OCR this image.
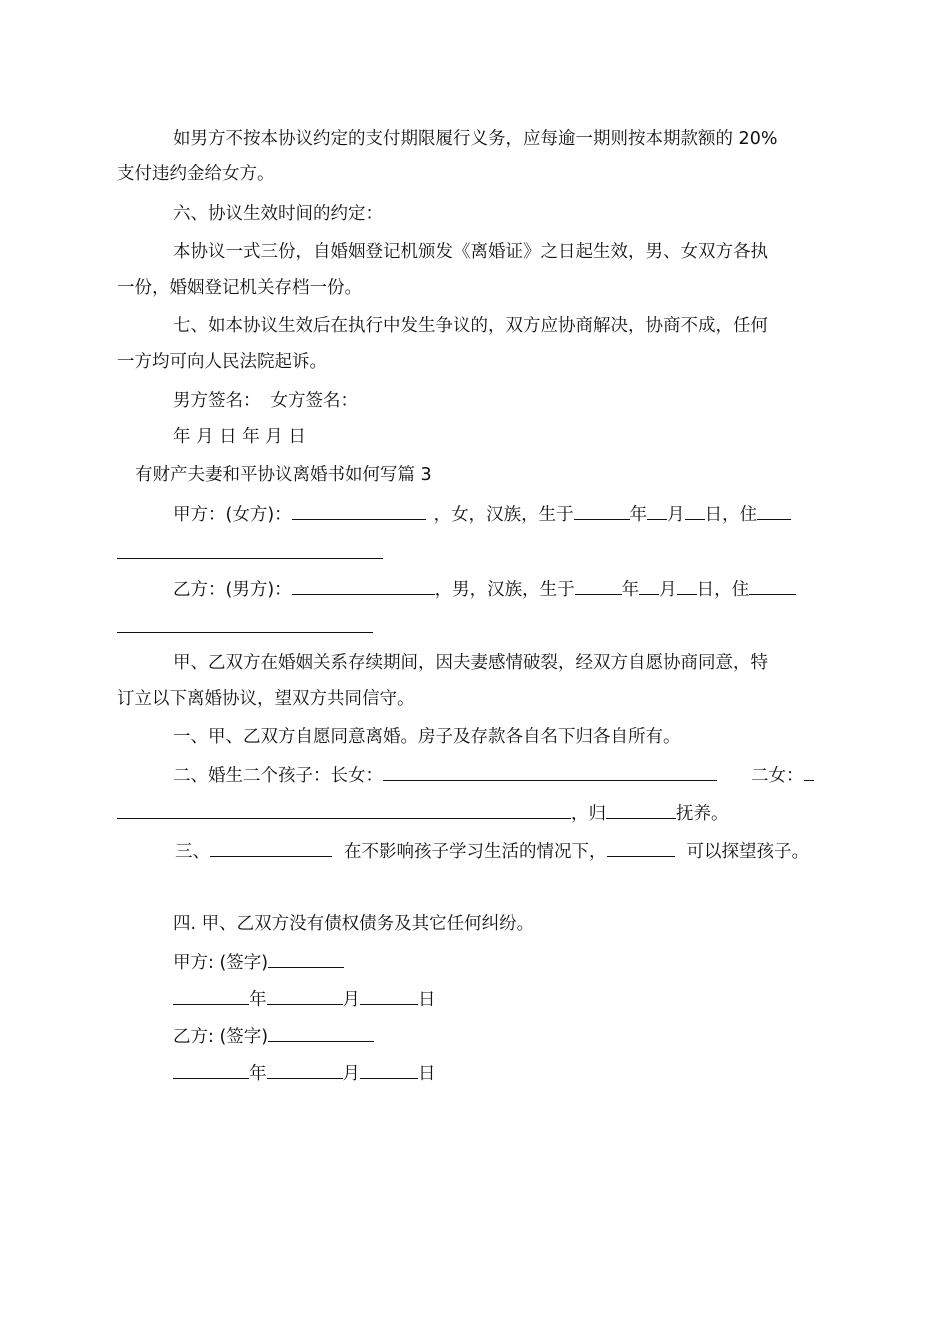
如男方不按本协议约定的支付期限履行义务，应每逾一期则按本期款额的 20%
支付违约金给女方。
六、协议生效时间的约定：
本协议一式三份，自婚姻登记机颁发《离婚证》之日起生效，男、女双方各执
一份，婚姻登记机关存档一份。
七、如本协议生效后在执行中发生争议的，双方应协商解决，协商不成，任何
一方均可向人民法院起诉。
男方签名： 女方签名：
年 月 日 年 月 日
有财产夫妻和平协议离婚书如何写篇 3
甲方：(女方)：	，女，汉族，生于	年 月 日，住
乙方：(男方)：	，男，汉族，生于	年 月 日，住
甲、乙双方在婚姻关系存续期间，因夫妻感情破裂，经双方自愿协商同意，特
订立以下离婚协议，望双方共同信守。
一、甲、乙双方自愿同意离婚。房子及存款各自名下归各自所有。
二、婚生二个孩子：长女：	二女：
，归	抚养。
三、	在不影响孩子学习生活的情况下，	可以探望孩子。
四. 甲、乙双方没有债权债务及其它任何纠纷。
甲方: (签字)
年	月	日
乙方: (签字)
年	月	日
